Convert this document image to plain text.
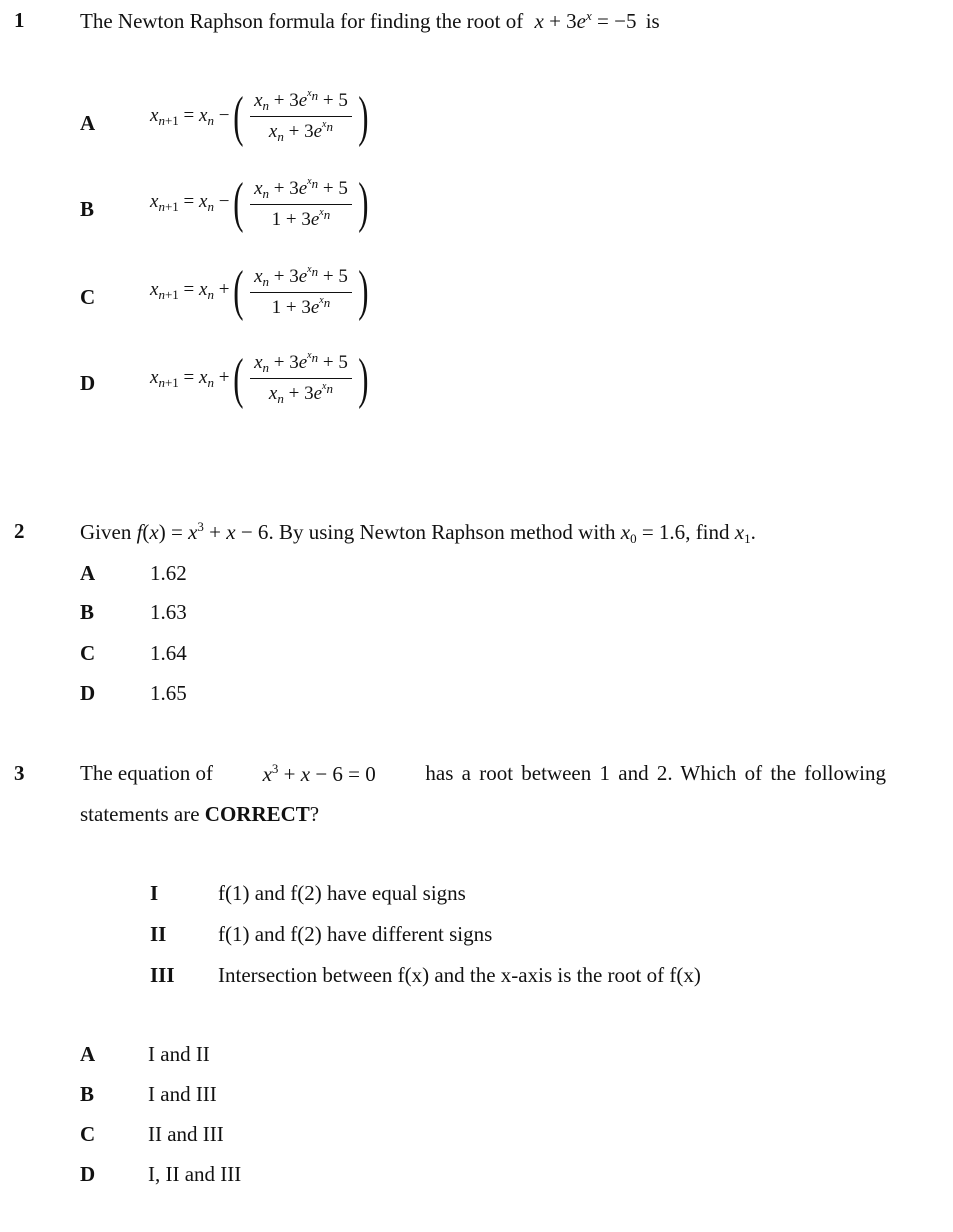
1	The Newton Raphson formula for finding the root of $x + 3e^x = -5$ is
A	$x_{n+1} = x_n$ − ( $\frac{x_n + 3e^{x_n} + 5}{x_n + 3e^{x_n}}$ )
B	$x_{n+1} = x_n$ − ( $\frac{x_n + 3e^{x_n} + 5}{1 + 3e^{x_n}}$ )
C	$x_{n+1} = x_n$ + ( $\frac{x_n + 3e^{x_n} + 5}{1 + 3e^{x_n}}$ )
D	$x_{n+1} = x_n$ + ( $\frac{x_n + 3e^{x_n} + 5}{x_n + 3e^{x_n}}$ )
2	Given $f(x) = x^3 + x - 6$. By using Newton Raphson method with $x_0 = 1.6$, find $x_1$.
A	1.62
B	1.63
C	1.64
D	1.65
3	The equation of $x^3 + x - 6 = 0$ has a root between 1 and 2. Which of the following
statements are CORRECT?
I	f(1) and f(2) have equal signs
II f(1) and f(2) have different signs
III Intersection between f(x) and the x-axis is the root of f(x)
A	I and II
B	I and III
C	II and III
D	I, II and III
